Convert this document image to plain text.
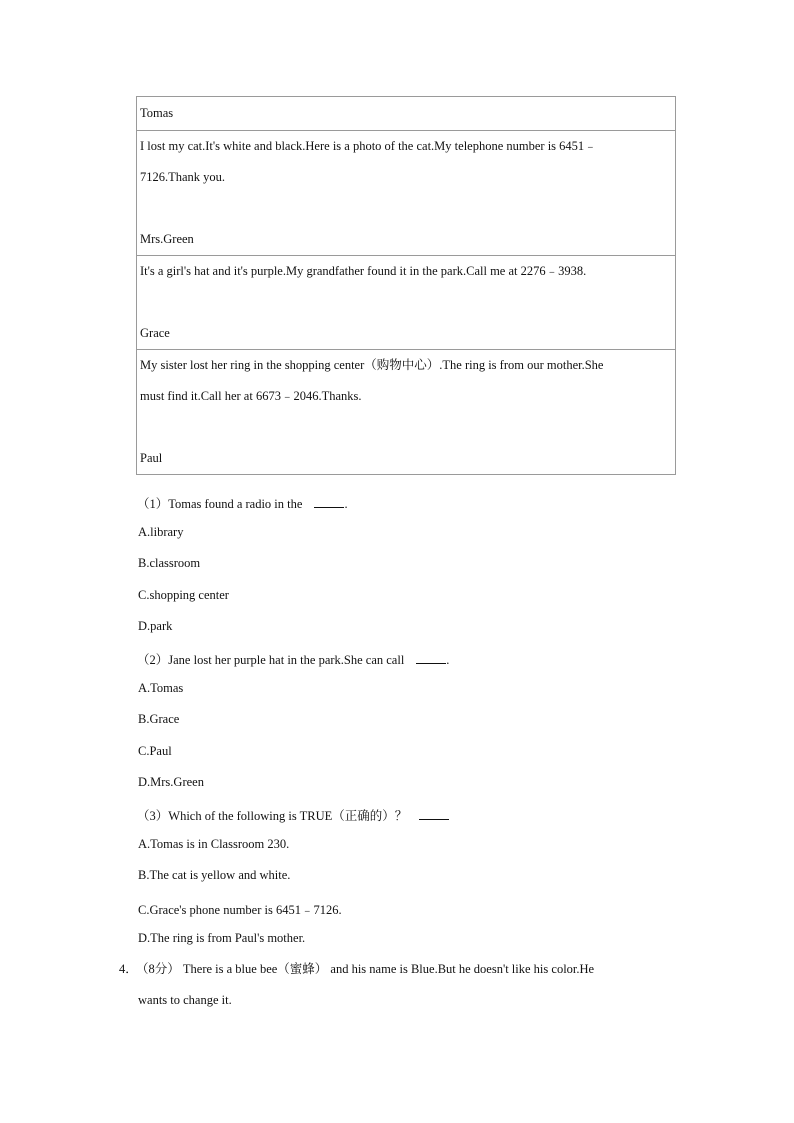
Tomas

I lost my cat.It's white and black.Here is a photo of the cat.My telephone number is 6451﹣
7126.Thank you.
Mrs.Green

It's a girl's hat and it's purple.My grandfather found it in the park.Call me at 2276﹣3938.
Grace

My sister lost her ring in the shopping center（购物中心）.The ring is from our mother.She
must find it.Call her at 6673﹣2046.Thanks.
Paul
（1）Tomas found a radio in the	.
A.library
B.classroom
C.shopping center
D.park
（2）Jane lost her purple hat in the park.She can call	.
A.Tomas
B.Grace
C.Paul
D.Mrs.Green
（3）Which of the following is TRUE（正确的）？
A.Tomas is in Classroom 230.
B.The cat is yellow and white.
C.Grace's phone number is 6451﹣7126.
D.The ring is from Paul's mother.
4．（8分） There is a blue bee（蜜蜂） and his name is Blue.But he doesn't like his color.He
wants to change it.
